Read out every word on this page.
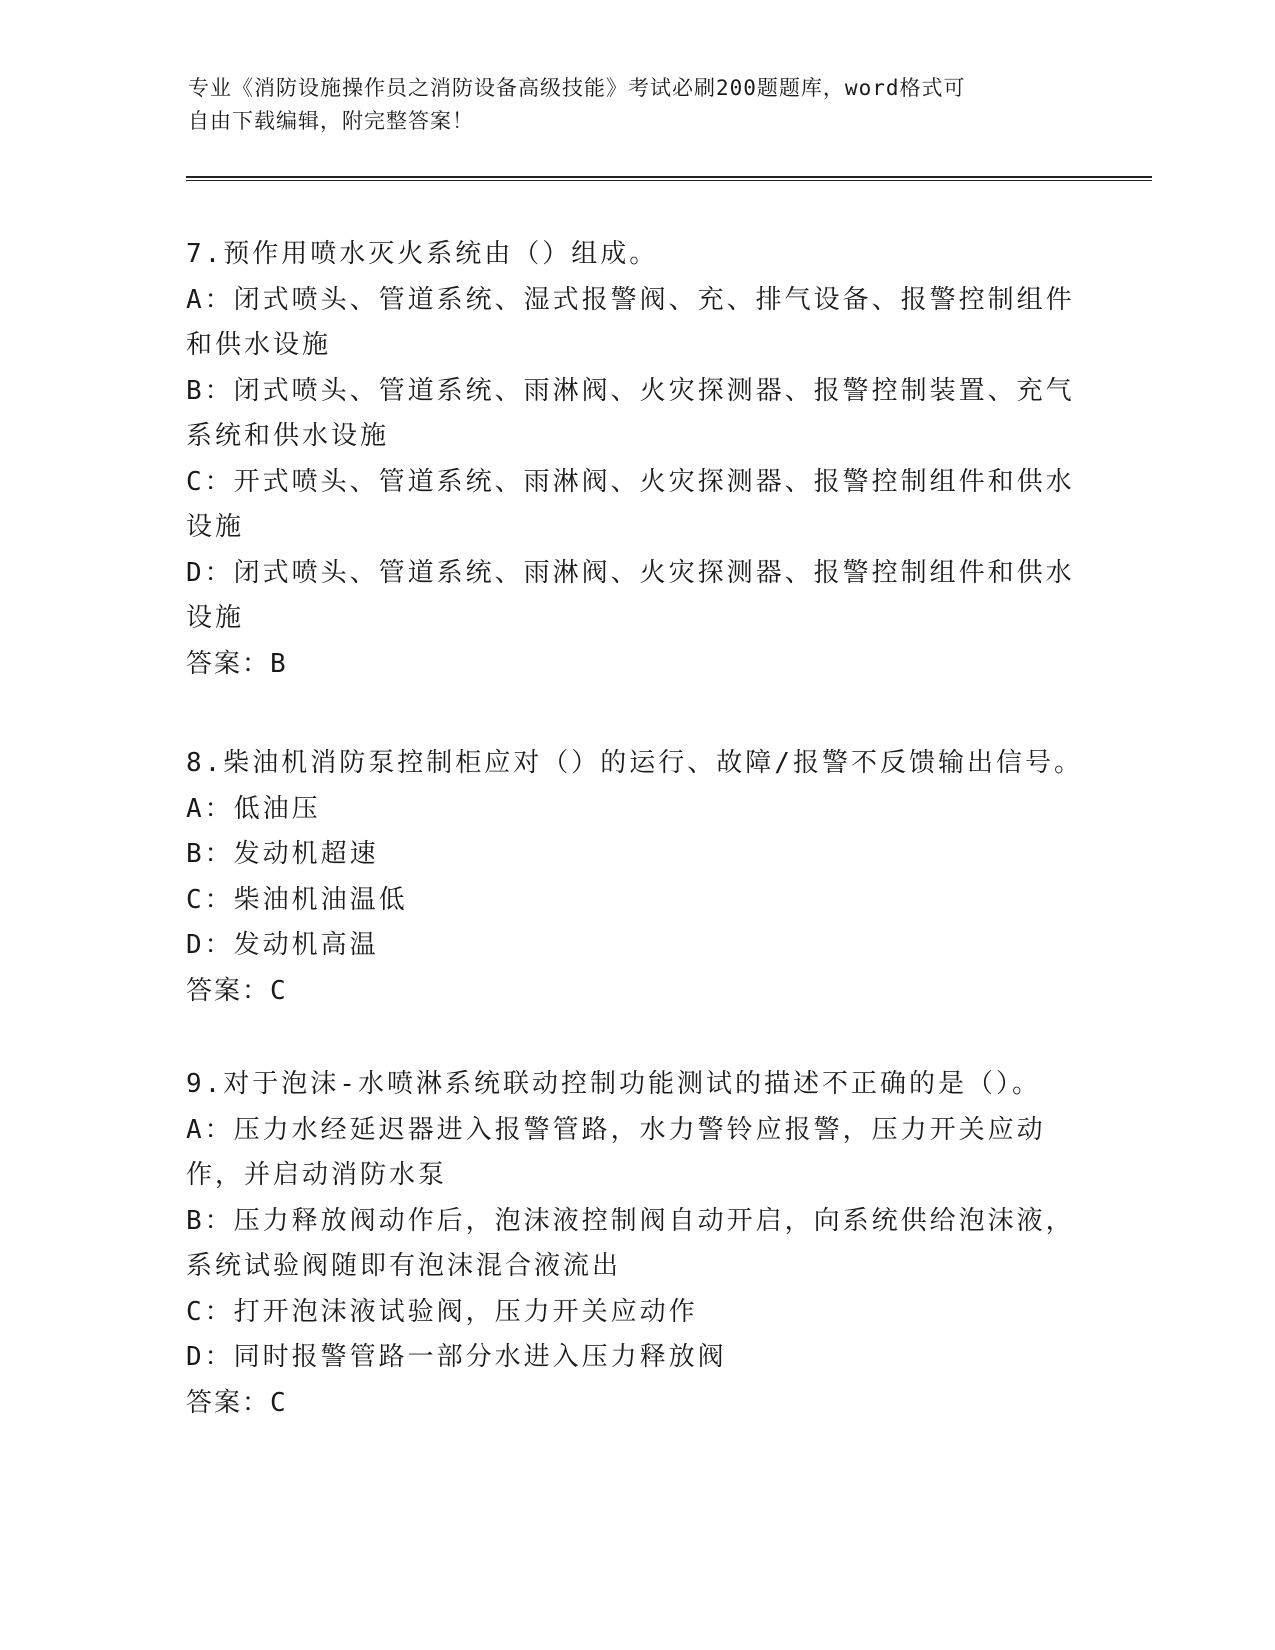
专业《消防设施操作员之消防设备高级技能》考试必刷200题题库，word格式可
自由下载编辑，附完整答案！
7.预作用喷水灭火系统由（）组成。
A：闭式喷头、管道系统、湿式报警阀、充、排气设备、报警控制组件和供水设施
B：闭式喷头、管道系统、雨淋阀、火灾探测器、报警控制装置、充气系统和供水设施
C：开式喷头、管道系统、雨淋阀、火灾探测器、报警控制组件和供水设施
D：闭式喷头、管道系统、雨淋阀、火灾探测器、报警控制组件和供水设施
答案：B
8.柴油机消防泵控制柜应对（）的运行、故障/报警不反馈输出信号。
A：低油压
B：发动机超速
C：柴油机油温低
D：发动机高温
答案：C
9.对于泡沫-水喷淋系统联动控制功能测试的描述不正确的是（）。
A：压力水经延迟器进入报警管路，水力警铃应报警，压力开关应动作，并启动消防水泵
B：压力释放阀动作后，泡沫液控制阀自动开启，向系统供给泡沫液，系统试验阀随即有泡沫混合液流出
C：打开泡沫液试验阀，压力开关应动作
D：同时报警管路一部分水进入压力释放阀
答案：C
